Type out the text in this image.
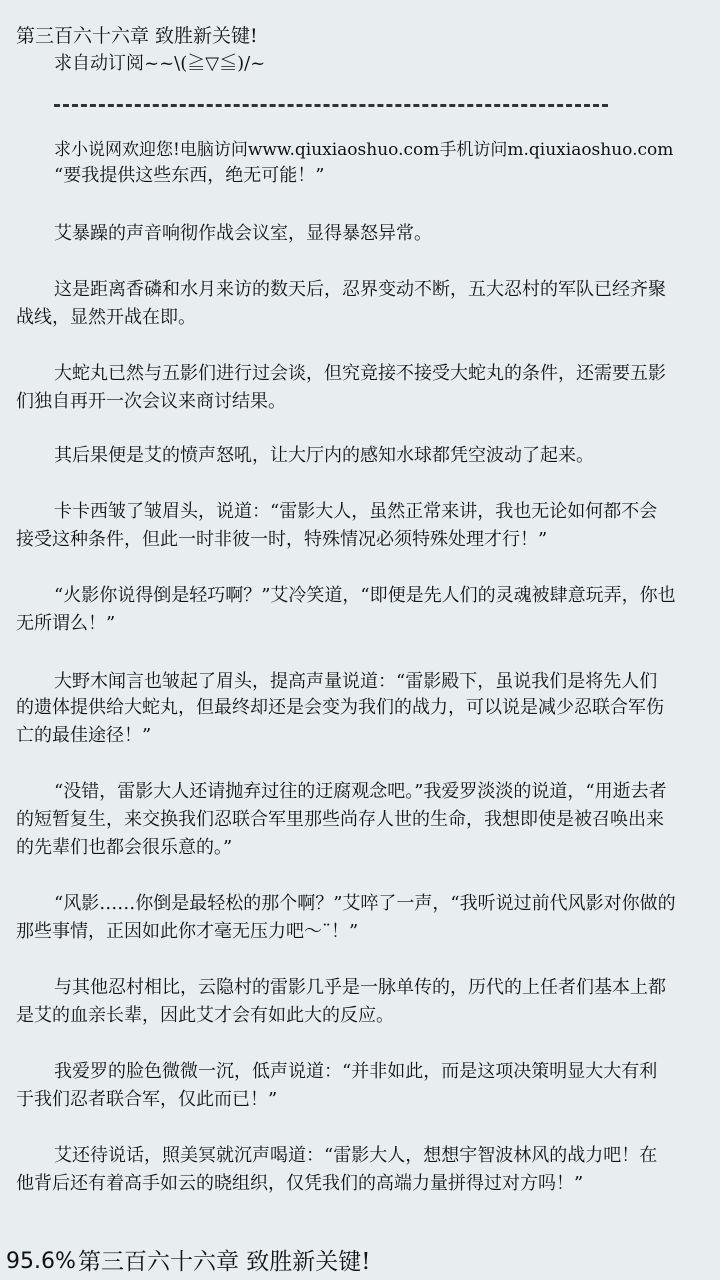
第三百六十六章 致胜新关键!
求自动订阅~~\(≧▽≦)/~
求小说网欢迎您!电脑访问www.qiuxiaoshuo.com手机访问m.qiuxiaoshuo.com
“要我提供这些东西，绝无可能！”
艾暴躁的声音响彻作战会议室，显得暴怒异常。
这是距离香磷和水月来访的数天后，忍界变动不断，五大忍村的军队已经齐聚
战线，显然开战在即。
大蛇丸已然与五影们进行过会谈，但究竟接不接受大蛇丸的条件，还需要五影
们独自再开一次会议来商讨结果。
其后果便是艾的愤声怒吼，让大厅内的感知水球都凭空波动了起来。
卡卡西皱了皱眉头，说道：“雷影大人，虽然正常来讲，我也无论如何都不会
接受这种条件，但此一时非彼一时，特殊情况必须特殊处理才行！”
“火影你说得倒是轻巧啊？”艾冷笑道，“即便是先人们的灵魂被肆意玩弄，你也
无所谓么！”
大野木闻言也皱起了眉头，提高声量说道：“雷影殿下，虽说我们是将先人们
的遗体提供给大蛇丸，但最终却还是会变为我们的战力，可以说是减少忍联合军伤
亡的最佳途径！”
“没错，雷影大人还请抛弃过往的迂腐观念吧。”我爱罗淡淡的说道，“用逝去者
的短暂复生，来交换我们忍联合军里那些尚存人世的生命，我想即使是被召唤出来
的先辈们也都会很乐意的。”
“风影……你倒是最轻松的那个啊？”艾啐了一声，“我听说过前代风影对你做的
那些事情，正因如此你才毫无压力吧～¨！”
与其他忍村相比，云隐村的雷影几乎是一脉单传的，历代的上任者们基本上都
是艾的血亲长辈，因此艾才会有如此大的反应。
我爱罗的脸色微微一沉，低声说道：“并非如此，而是这项决策明显大大有利
于我们忍者联合军，仅此而已！”
艾还待说话，照美冥就沉声喝道：“雷影大人，想想宇智波林风的战力吧！在
他背后还有着高手如云的晓组织，仅凭我们的高端力量拼得过对方吗！”
95.6% 第三百六十六章 致胜新关键!
